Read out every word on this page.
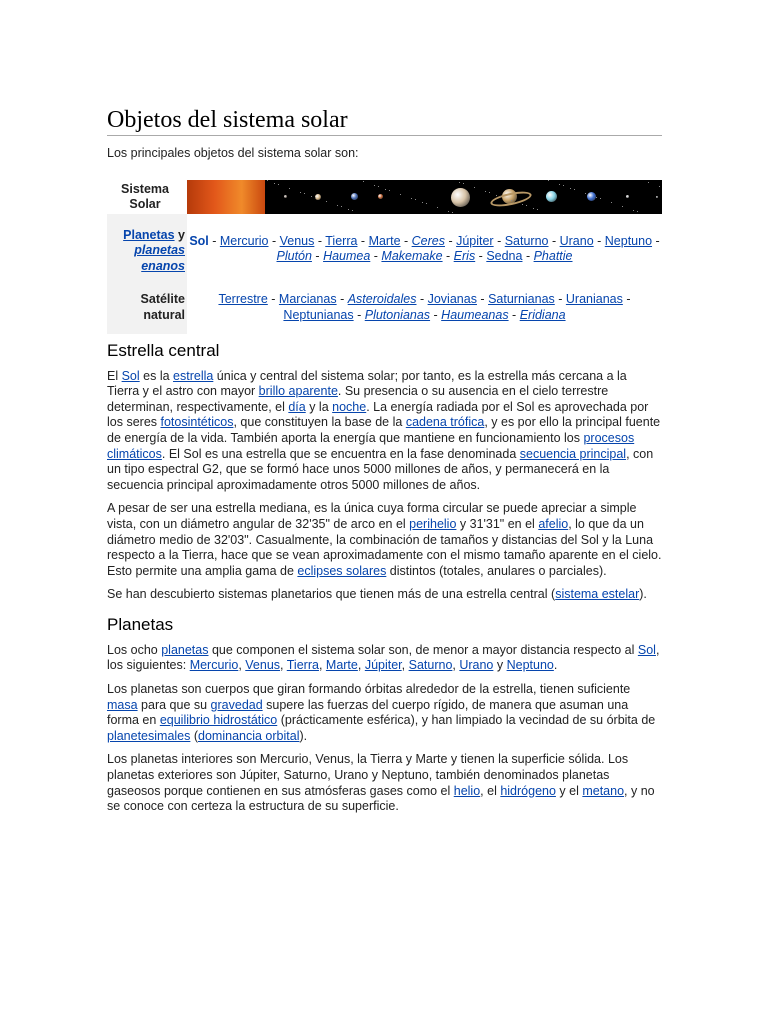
Objetos del sistema solar

Los principales objetos del sistema solar son:

Sistema Solar	

Planetas y planetas enanos	Sol - Mercurio - Venus - Tierra - Marte - Ceres - Júpiter - Saturno - Urano - Neptuno - Plutón - Haumea - Makemake - Eris - Sedna - Phattie
Satélite natural	Terrestre - Marcianas - Asteroidales - Jovianas - Saturnianas - Uranianas - Neptunianas - Plutonianas - Haumeanas - Eridiana
Estrella central

El Sol es la estrella única y central del sistema solar; por tanto, es la estrella más cercana a la Tierra y el astro con mayor brillo aparente. Su presencia o su ausencia en el cielo terrestre determinan, respectivamente, el día y la noche. La energía radiada por el Sol es aprovechada por los seres fotosintéticos, que constituyen la base de la cadena trófica, y es por ello la principal fuente de energía de la vida. También aporta la energía que mantiene en funcionamiento los procesos climáticos. El Sol es una estrella que se encuentra en la fase denominada secuencia principal, con un tipo espectral G2, que se formó hace unos 5000 millones de años, y permanecerá en la secuencia principal aproximadamente otros 5000 millones de años.

A pesar de ser una estrella mediana, es la única cuya forma circular se puede apreciar a simple vista, con un diámetro angular de 32'35" de arco en el perihelio y 31'31" en el afelio, lo que da un diámetro medio de 32'03". Casualmente, la combinación de tamaños y distancias del Sol y la Luna respecto a la Tierra, hace que se vean aproximadamente con el mismo tamaño aparente en el cielo. Esto permite una amplia gama de eclipses solares distintos (totales, anulares o parciales).

Se han descubierto sistemas planetarios que tienen más de una estrella central (sistema estelar).

Planetas

Los ocho planetas que componen el sistema solar son, de menor a mayor distancia respecto al Sol, los siguientes: Mercurio, Venus, Tierra, Marte, Júpiter, Saturno, Urano y Neptuno.

Los planetas son cuerpos que giran formando órbitas alrededor de la estrella, tienen suficiente masa para que su gravedad supere las fuerzas del cuerpo rígido, de manera que asuman una forma en equilibrio hidrostático (prácticamente esférica), y han limpiado la vecindad de su órbita de planetesimales (dominancia orbital).

Los planetas interiores son Mercurio, Venus, la Tierra y Marte y tienen la superficie sólida. Los planetas exteriores son Júpiter, Saturno, Urano y Neptuno, también denominados planetas gaseosos porque contienen en sus atmósferas gases como el helio, el hidrógeno y el metano, y no se conoce con certeza la estructura de su superficie.
